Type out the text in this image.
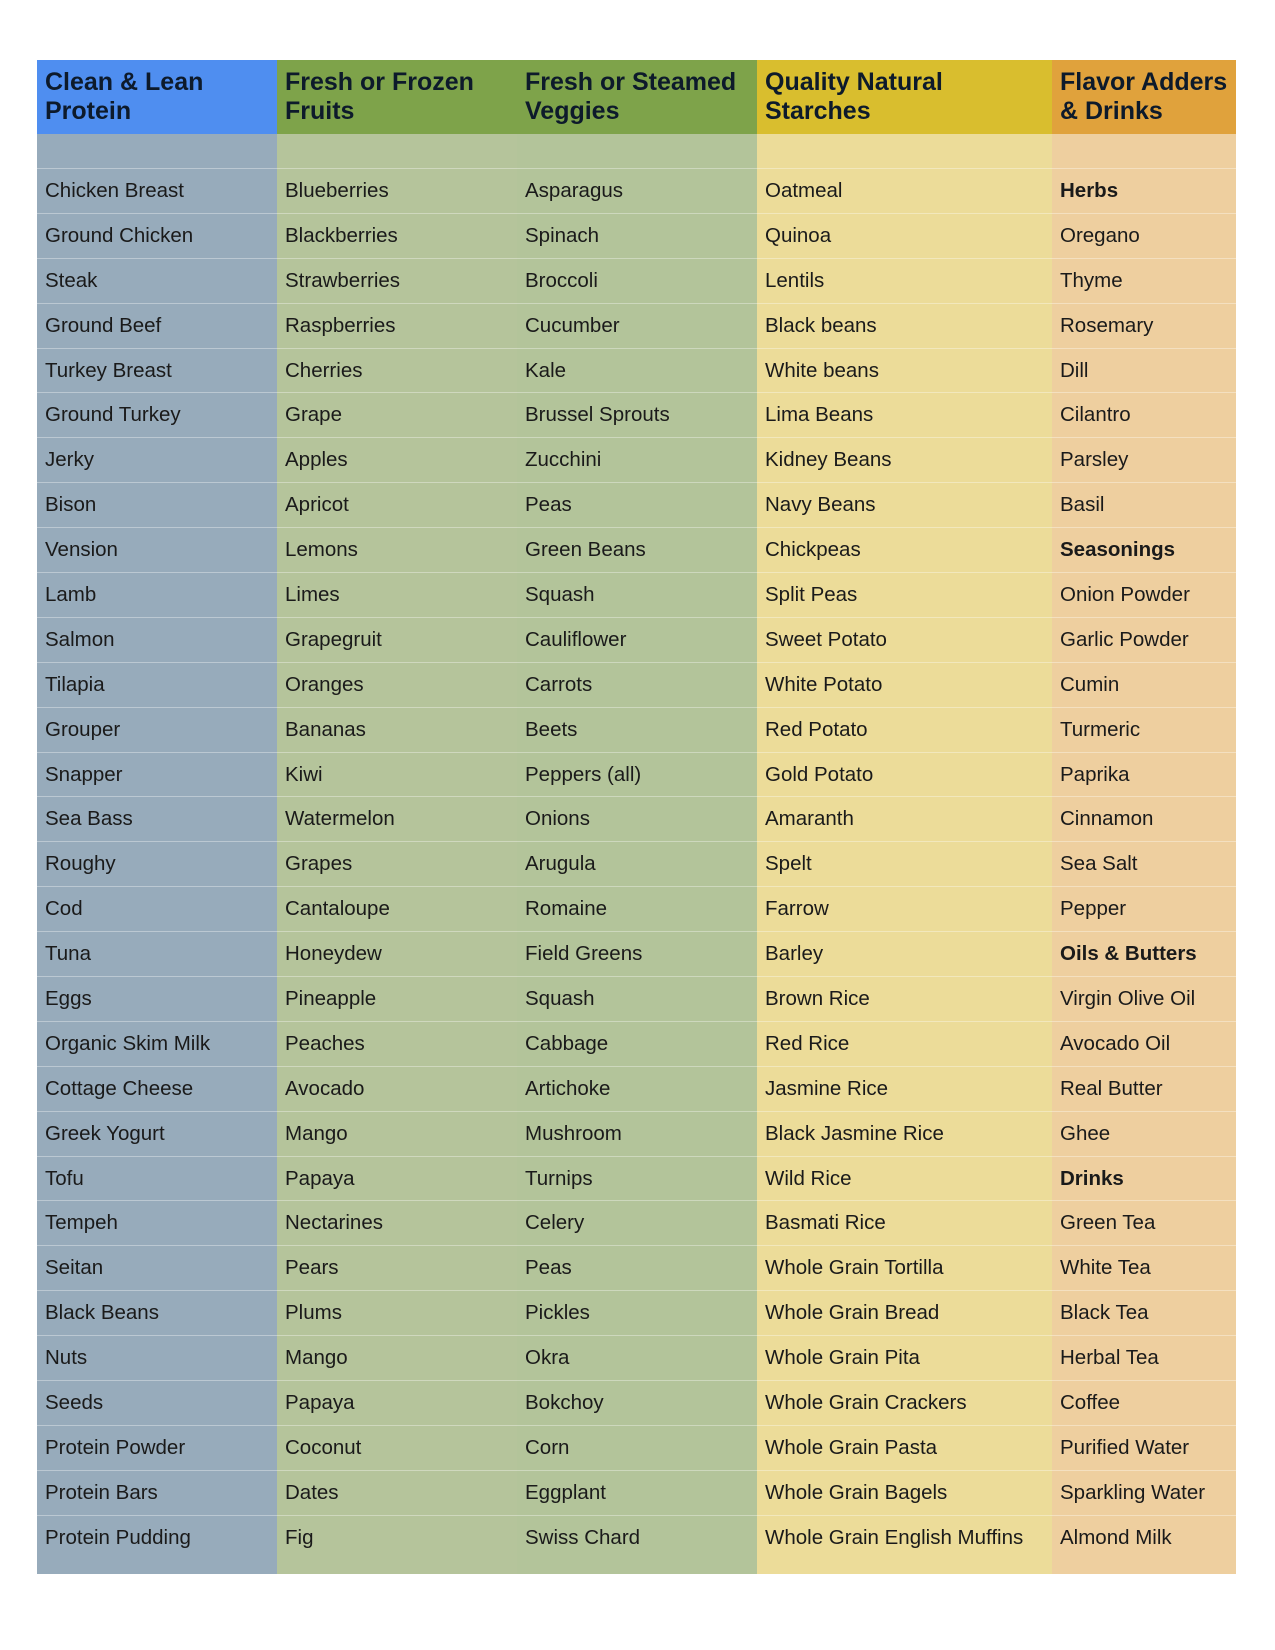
Clean & Lean Protein
Chicken Breast
Ground Chicken
Steak
Ground Beef
Turkey Breast
Ground Turkey
Jerky
Bison
Vension
Lamb
Salmon
Tilapia
Grouper
Snapper
Sea Bass
Roughy
Cod
Tuna
Eggs
Organic Skim Milk
Cottage Cheese
Greek Yogurt
Tofu
Tempeh
Seitan
Black Beans
Nuts
Seeds
Protein Powder
Protein Bars
Protein Pudding
Fresh or Frozen Fruits
Blueberries
Blackberries
Strawberries
Raspberries
Cherries
Grape
Apples
Apricot
Lemons
Limes
Grapegruit
Oranges
Bananas
Kiwi
Watermelon
Grapes
Cantaloupe
Honeydew
Pineapple
Peaches
Avocado
Mango
Papaya
Nectarines
Pears
Plums
Mango
Papaya
Coconut
Dates
Fig
Fresh or Steamed Veggies
Asparagus
Spinach
Broccoli
Cucumber
Kale
Brussel Sprouts
Zucchini
Peas
Green Beans
Squash
Cauliflower
Carrots
Beets
Peppers (all)
Onions
Arugula
Romaine
Field Greens
Squash
Cabbage
Artichoke
Mushroom
Turnips
Celery
Peas
Pickles
Okra
Bokchoy
Corn
Eggplant
Swiss Chard
Quality Natural Starches
Oatmeal
Quinoa
Lentils
Black beans
White beans
Lima Beans
Kidney Beans
Navy Beans
Chickpeas
Split Peas
Sweet Potato
White Potato
Red Potato
Gold Potato
Amaranth
Spelt
Farrow
Barley
Brown Rice
Red Rice
Jasmine Rice
Black Jasmine Rice
Wild Rice
Basmati Rice
Whole Grain Tortilla
Whole Grain Bread
Whole Grain Pita
Whole Grain Crackers
Whole Grain Pasta
Whole Grain Bagels
Whole Grain English Muffins
Flavor Adders & Drinks
Herbs
Oregano
Thyme
Rosemary
Dill
Cilantro
Parsley
Basil
Seasonings
Onion Powder
Garlic Powder
Cumin
Turmeric
Paprika
Cinnamon
Sea Salt
Pepper
Oils & Butters
Virgin Olive Oil
Avocado Oil
Real Butter
Ghee
Drinks
Green Tea
White Tea
Black Tea
Herbal Tea
Coffee
Purified Water
Sparkling Water
Almond Milk
